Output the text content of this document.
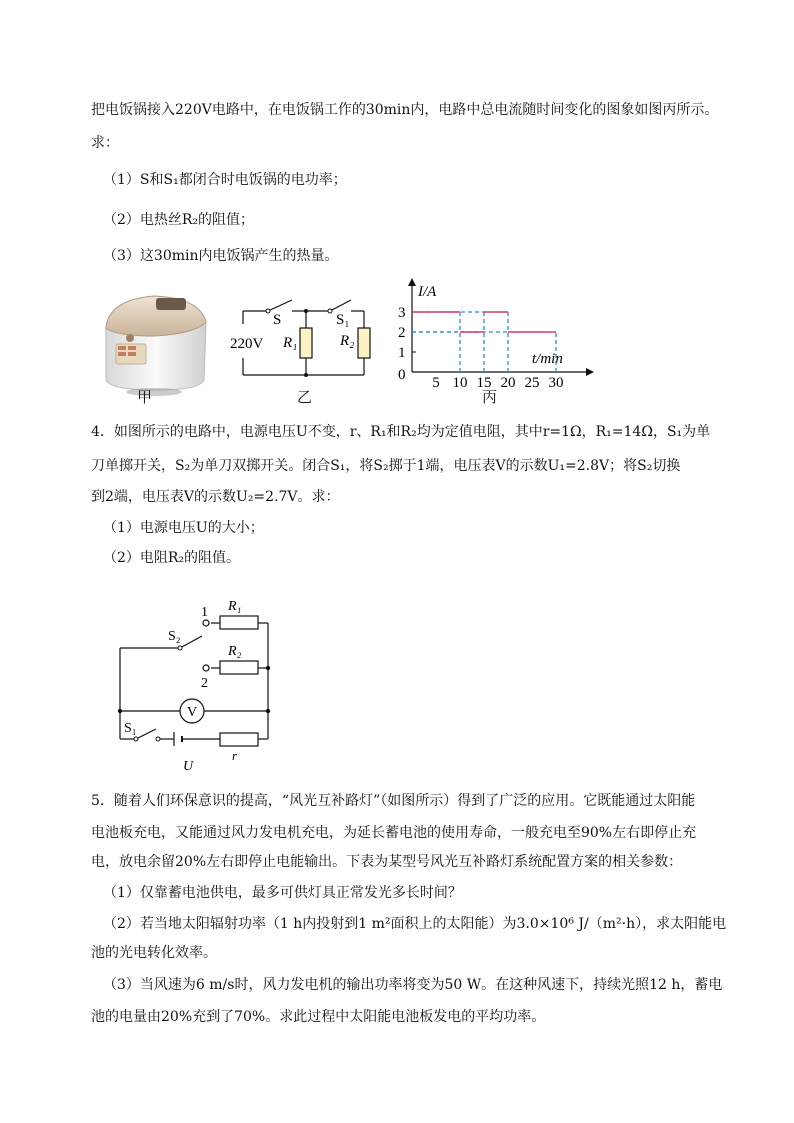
把电饭锅接入220V电路中，在电饭锅工作的30min内，电路中总电流随时间变化的图象如图丙所示。
求：
（1）S和S₁都闭合时电饭锅的电功率；
（2）电热丝R₂的阻值；
（3）这30min内电饭锅产生的热量。
甲
220V
S	S₁
R₁	R₂
乙
I/A
t/min
0 5 10 15 20 25 30
1
2
3
丙
4．如图所示的电路中，电源电压U不变，r、R₁和R₂均为定值电阻，其中r=1Ω，R₁=14Ω，S₁为单
刀单掷开关，S₂为单刀双掷开关。闭合S₁，将S₂掷于1端，电压表V的示数U₁=2.8V；将S₂切换
到2端，电压表V的示数U₂=2.7V。求：
（1）电源电压U的大小；
（2）电阻R₂的阻值。
V
1
2
R₁
R₂
S₂
S₁
r
U
5．随着人们环保意识的提高，“风光互补路灯”（如图所示）得到了广泛的应用。它既能通过太阳能
电池板充电，又能通过风力发电机充电，为延长蓄电池的使用寿命，一般充电至90%左右即停止充
电，放电余留20%左右即停止电能输出。下表为某型号风光互补路灯系统配置方案的相关参数：
（1）仅靠蓄电池供电，最多可供灯具正常发光多长时间？
（2）若当地太阳辐射功率（1 h内投射到1 m²面积上的太阳能）为3.0×10⁶ J/（m²·h），求太阳能电
池的光电转化效率。
（3）当风速为6 m/s时，风力发电机的输出功率将变为50 W。在这种风速下，持续光照12 h，蓄电
池的电量由20%充到了70%。求此过程中太阳能电池板发电的平均功率。
